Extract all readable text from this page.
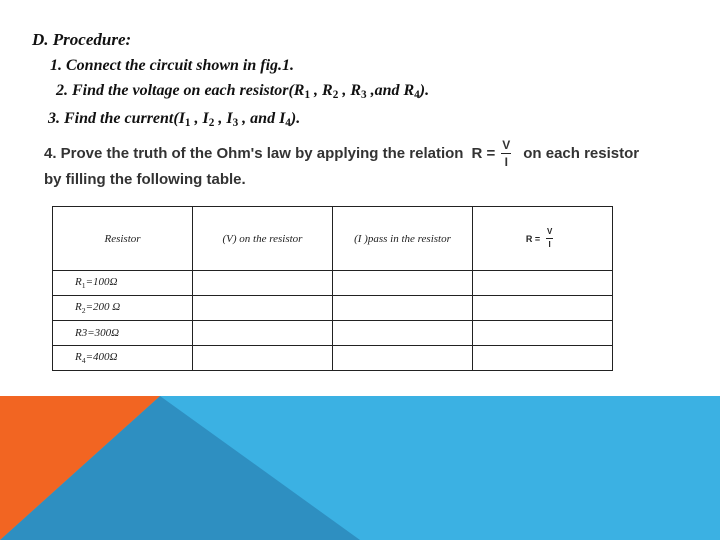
D. Procedure:
1. Connect the circuit shown in fig.1.
2. Find the voltage on each $resistor(R_1$ , $R_2$ , $R_3$ ,and $R_4$).
3. Find the $current(I_1$ , $I_2$ , $I_3$ , and $I_4$).
4. Prove the truth of the Ohm's law by applying the relation $R = \frac{V}{I}$ on each resistor
by filling the following table.
Resistor	(V) on the resistor	(I )pass in the resistor	$R = \frac{V}{I}$

$R_1=100\Omega$			
$R_2=200$ Ω			
R3=300Ω			
$R_4=400\Omega$			
